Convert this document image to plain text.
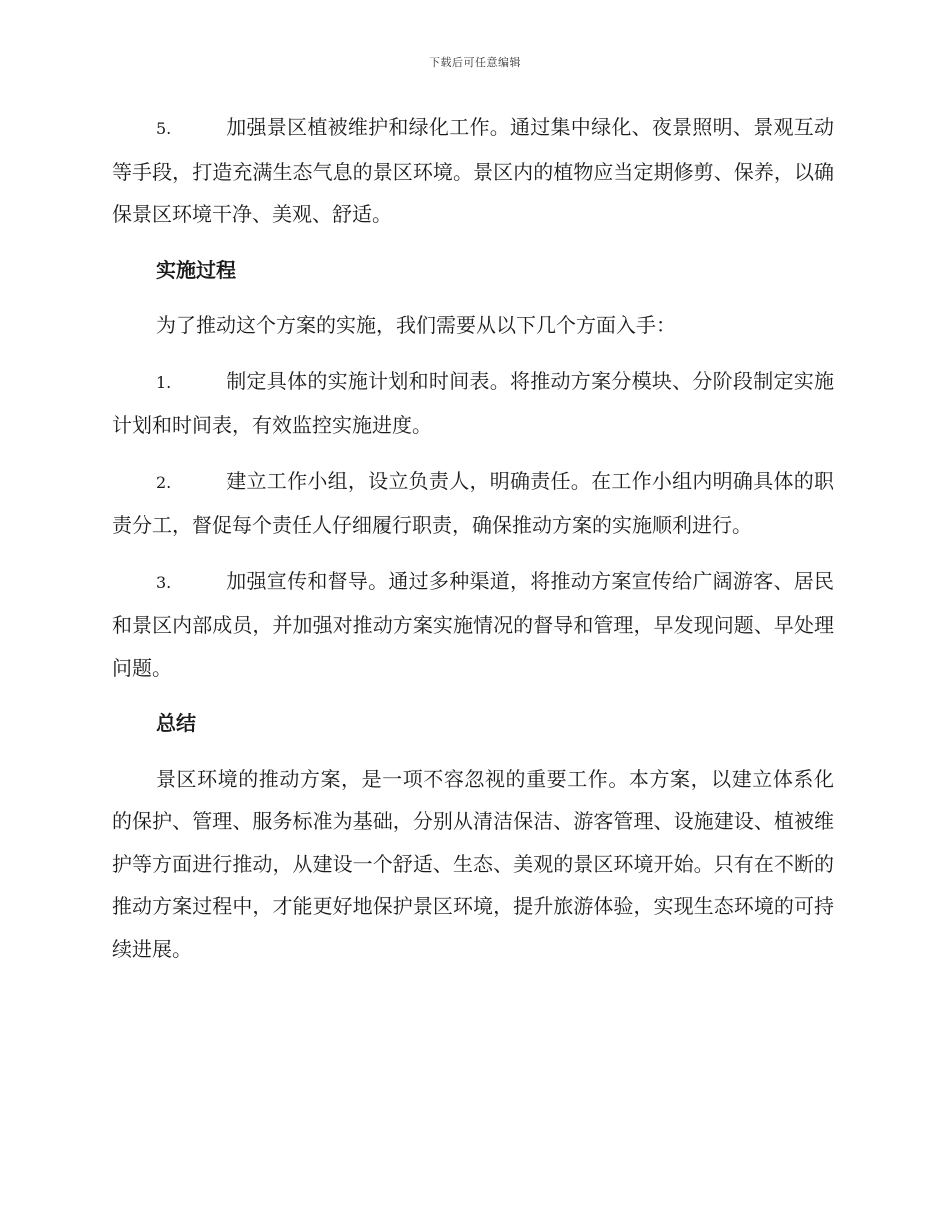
下载后可任意编辑

5.	加强景区植被维护和绿化工作。通过集中绿化、夜景照明、景观互动等手段，打造充满生态气息的景区环境。景区内的植物应当定期修剪、保养，以确保景区环境干净、美观、舒适。

实施过程

为了推动这个方案的实施，我们需要从以下几个方面入手：

1.	制定具体的实施计划和时间表。将推动方案分模块、分阶段制定实施计划和时间表，有效监控实施进度。

2.	建立工作小组，设立负责人，明确责任。在工作小组内明确具体的职责分工，督促每个责任人仔细履行职责，确保推动方案的实施顺利进行。

3.	加强宣传和督导。通过多种渠道，将推动方案宣传给广阔游客、居民和景区内部成员，并加强对推动方案实施情况的督导和管理，早发现问题、早处理问题。

总结

景区环境的推动方案，是一项不容忽视的重要工作。本方案，以建立体系化的保护、管理、服务标准为基础，分别从清洁保洁、游客管理、设施建设、植被维护等方面进行推动，从建设一个舒适、生态、美观的景区环境开始。只有在不断的推动方案过程中，才能更好地保护景区环境，提升旅游体验，实现生态环境的可持续进展。
